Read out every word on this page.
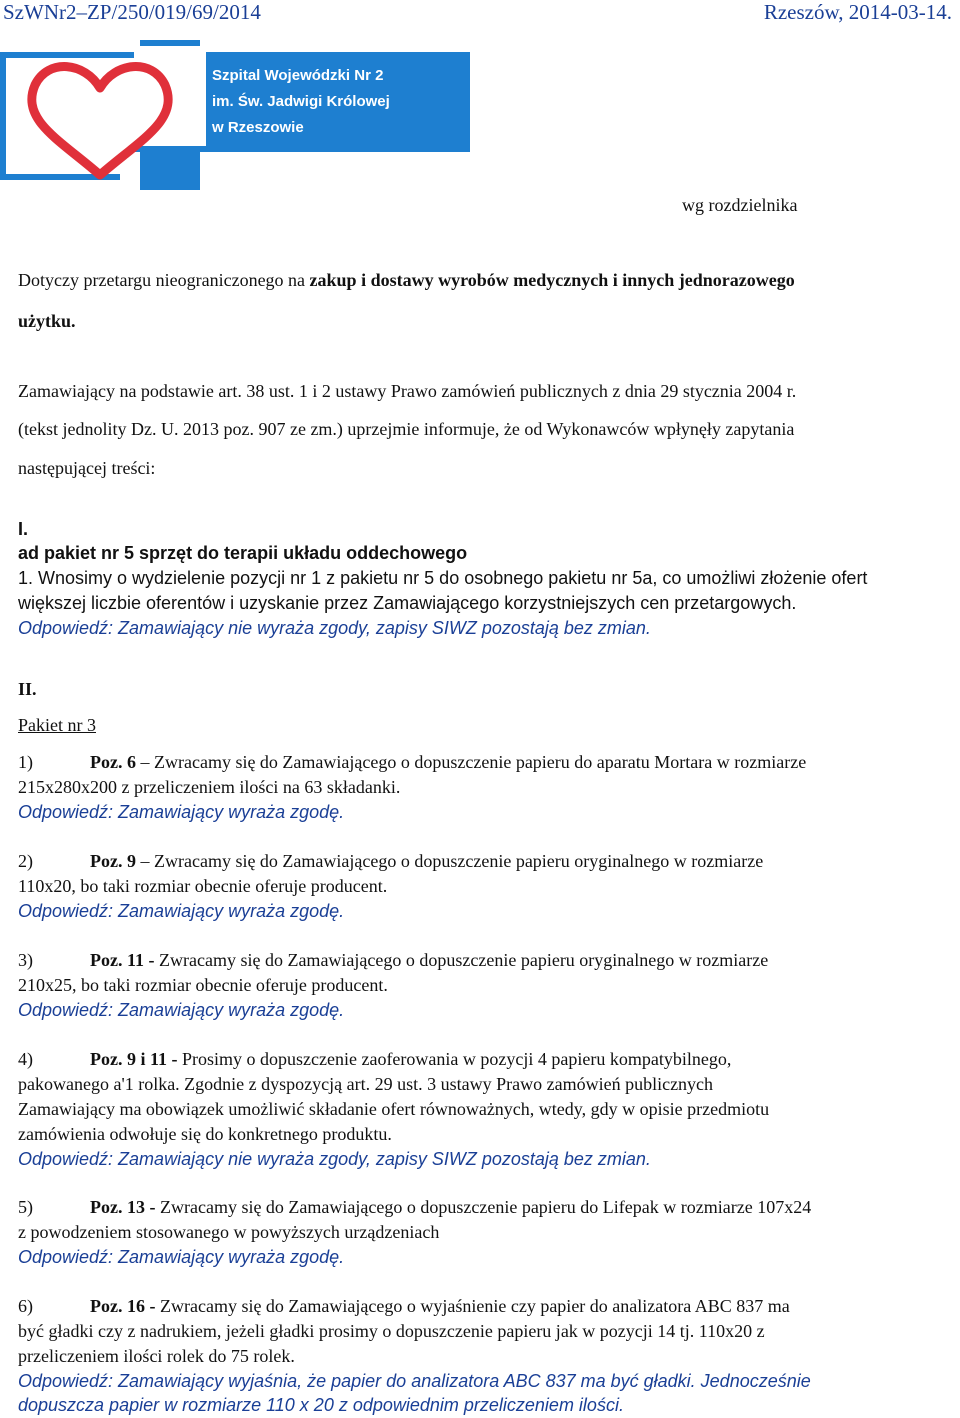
SzWNr2–ZP/250/019/69/2014	Rzeszów, 2014-03-14.
Szpital Wojewódzki Nr 2
im. Św. Jadwigi Królowej
w Rzeszowie
wg rozdzielnika
Dotyczy przetargu nieograniczonego na zakup i dostawy wyrobów medycznych i innych jednorazowego
użytku.
Zamawiający na podstawie art. 38 ust. 1 i 2 ustawy Prawo zamówień publicznych z dnia 29 stycznia 2004 r.
(tekst jednolity Dz. U. 2013 poz. 907 ze zm.) uprzejmie informuje, że od Wykonawców wpłynęły zapytania
następującej treści:
I.
ad pakiet nr 5 sprzęt do terapii układu oddechowego
1. Wnosimy o wydzielenie pozycji nr 1 z pakietu nr 5 do osobnego pakietu nr 5a, co umożliwi złożenie ofert
większej liczbie oferentów i uzyskanie przez Zamawiającego korzystniejszych cen przetargowych.
Odpowiedź: Zamawiający nie wyraża zgody, zapisy SIWZ pozostają bez zmian.
II.
Pakiet nr 3
1)	Poz. 6 – Zwracamy się do Zamawiającego o dopuszczenie papieru do aparatu Mortara w rozmiarze
215x280x200 z przeliczeniem ilości na 63 składanki.
Odpowiedź: Zamawiający wyraża zgodę.
2)	Poz. 9 – Zwracamy się do Zamawiającego o dopuszczenie papieru oryginalnego w rozmiarze
110x20, bo taki rozmiar obecnie oferuje producent.
Odpowiedź: Zamawiający wyraża zgodę.
3)	Poz. 11 - Zwracamy się do Zamawiającego o dopuszczenie papieru oryginalnego w rozmiarze
210x25, bo taki rozmiar obecnie oferuje producent.
Odpowiedź: Zamawiający wyraża zgodę.
4)	Poz. 9 i 11 - Prosimy o dopuszczenie zaoferowania w pozycji 4 papieru kompatybilnego,
pakowanego a'1 rolka. Zgodnie z dyspozycją art. 29 ust. 3 ustawy Prawo zamówień publicznych
Zamawiający ma obowiązek umożliwić składanie ofert równoważnych, wtedy, gdy w opisie przedmiotu
zamówienia odwołuje się do konkretnego produktu.
Odpowiedź: Zamawiający nie wyraża zgody, zapisy SIWZ pozostają bez zmian.
5)	Poz. 13 - Zwracamy się do Zamawiającego o dopuszczenie papieru do Lifepak w rozmiarze 107x24
z powodzeniem stosowanego w powyższych urządzeniach
Odpowiedź: Zamawiający wyraża zgodę.
6)	Poz. 16 - Zwracamy się do Zamawiającego o wyjaśnienie czy papier do analizatora ABC 837 ma
być gładki czy z nadrukiem, jeżeli gładki prosimy o dopuszczenie papieru jak w pozycji 14 tj. 110x20 z
przeliczeniem ilości rolek do 75 rolek.
Odpowiedź: Zamawiający wyjaśnia, że papier do analizatora ABC 837 ma być gładki. Jednocześnie
dopuszcza papier w rozmiarze 110 x 20 z odpowiednim przeliczeniem ilości.
